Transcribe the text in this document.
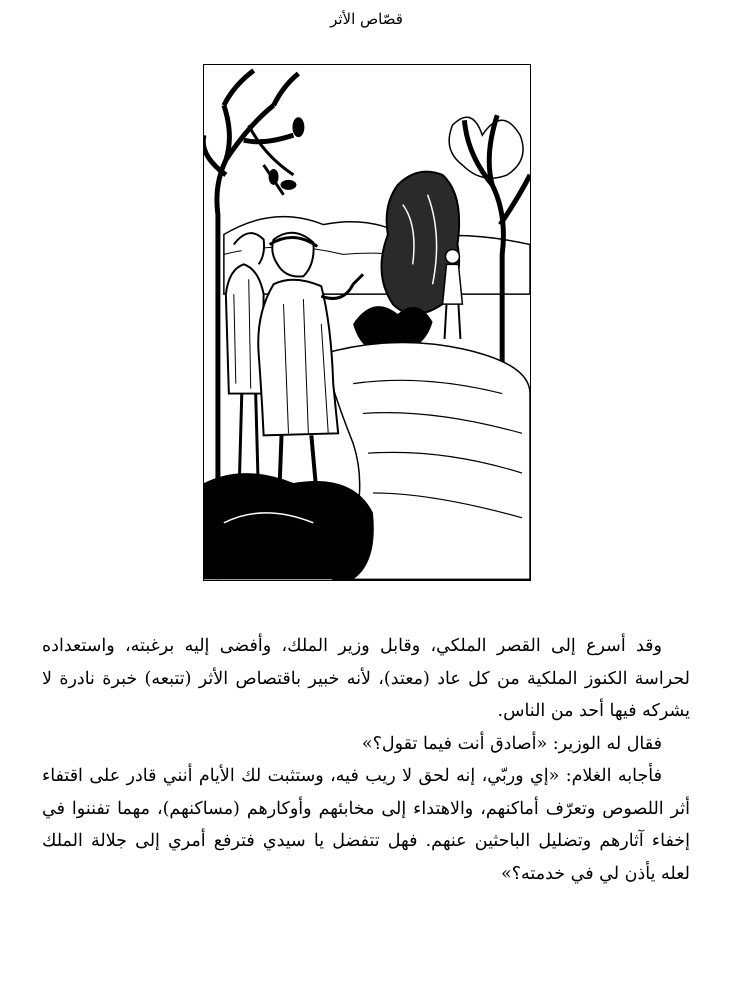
قصّاص الأثر

وقد أسرع إلى القصر الملكي، وقابل وزير الملك، وأفضى إليه برغبته، واستعداده لحراسة الكنوز الملكية من كل عاد (معتد)، لأنه خبير باقتصاص الأثر (تتبعه) خبرة نادرة لا يشركه فيها أحد من الناس.

فقال له الوزير: «أصادق أنت فيما تقول؟»

فأجابه الغلام: «إي وربّي، إنه لحق لا ريب فيه، وستثبت لك الأيام أنني قادر على اقتفاء أثر اللصوص وتعرّف أماكنهم، والاهتداء إلى مخابئهم وأوكارهم (مساكنهم)، مهما تفننوا في إخفاء آثارهم وتضليل الباحثين عنهم. فهل تتفضل يا سيدي فترفع أمري إلى جلالة الملك لعله يأذن لي في خدمته؟»
